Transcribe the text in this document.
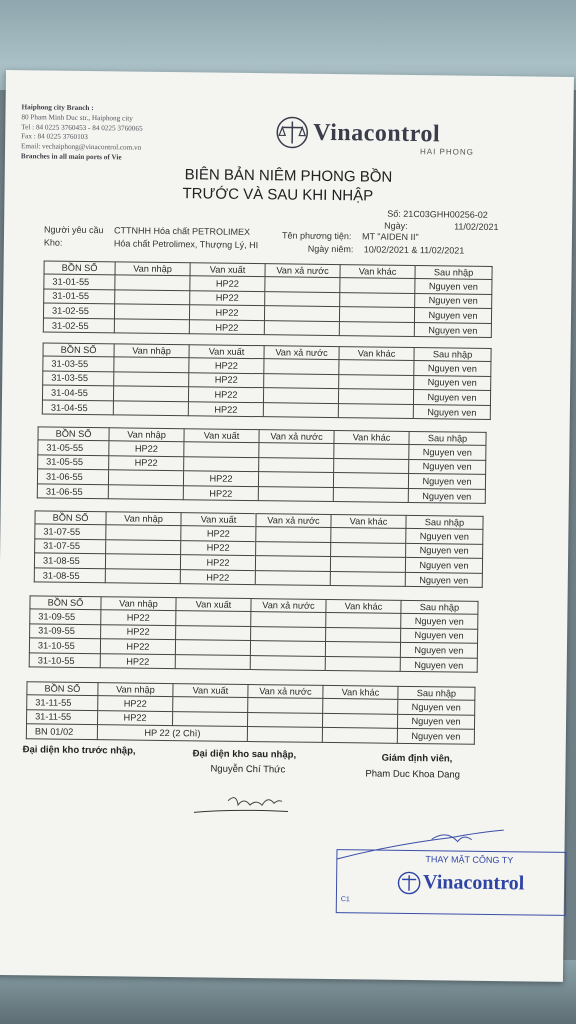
Haiphong city Branch :
80 Pham Minh Duc str., Haiphong city
Tel : 84 0225 3760453 - 84 0225 3760065
Fax : 84 0225 3760103
Email: vechaiphong@vinacontrol.com.vn
Branches in all main ports of Vie
Vinacontrol
HAI PHONG
BIÊN BẢN NIÊM PHONG BỒN
TRƯỚC VÀ SAU KHI NHẬP
Số: 21C03GHH00256-02
Ngày:	11/02/2021
Người yêu cầu CTTNHH Hóa chất PETROLIMEX	Tên phương tiện: MT "AIDEN II"
Kho:	Hóa chất Petrolimex, Thượng Lý, HI	Ngày niêm: 10/02/2021 & 11/02/2021
Đại diện kho trước nhập,	Đại diện kho sau nhập,
Nguyễn Chí Thức
Giám định viên,
Pham Duc Khoa Dang
THAY MẶT CÔNG TY
Vinacontrol
C1
BỒN SỐ	Van nhập	Van xuất	Van xả nước	Van khác	Sau nhập
31-01-55		HP22			Nguyen ven
31-01-55		HP22			Nguyen ven
31-02-55		HP22			Nguyen ven
31-02-55		HP22			Nguyen ven
BỒN SỐ	Van nhập	Van xuất	Van xả nước	Van khác	Sau nhập
31-03-55		HP22			Nguyen ven
31-03-55		HP22			Nguyen ven
31-04-55		HP22			Nguyen ven
31-04-55		HP22			Nguyen ven
BỒN SỐ	Van nhập	Van xuất	Van xả nước	Van khác	Sau nhập
31-05-55	HP22				Nguyen ven
31-05-55	HP22				Nguyen ven
31-06-55		HP22			Nguyen ven
31-06-55		HP22			Nguyen ven
BỒN SỐ	Van nhập	Van xuất	Van xả nước	Van khác	Sau nhập
31-07-55		HP22			Nguyen ven
31-07-55		HP22			Nguyen ven
31-08-55		HP22			Nguyen ven
31-08-55		HP22			Nguyen ven
BỒN SỐ	Van nhập	Van xuất	Van xả nước	Van khác	Sau nhập
31-09-55	HP22				Nguyen ven
31-09-55	HP22				Nguyen ven
31-10-55	HP22				Nguyen ven
31-10-55	HP22				Nguyen ven
BỒN SỐ	Van nhập	Van xuất	Van xả nước	Van khác	Sau nhập
31-11-55	HP22				Nguyen ven
31-11-55	HP22				Nguyen ven
BN 01/02	HP 22 (2 Chì)				Nguyen ven
